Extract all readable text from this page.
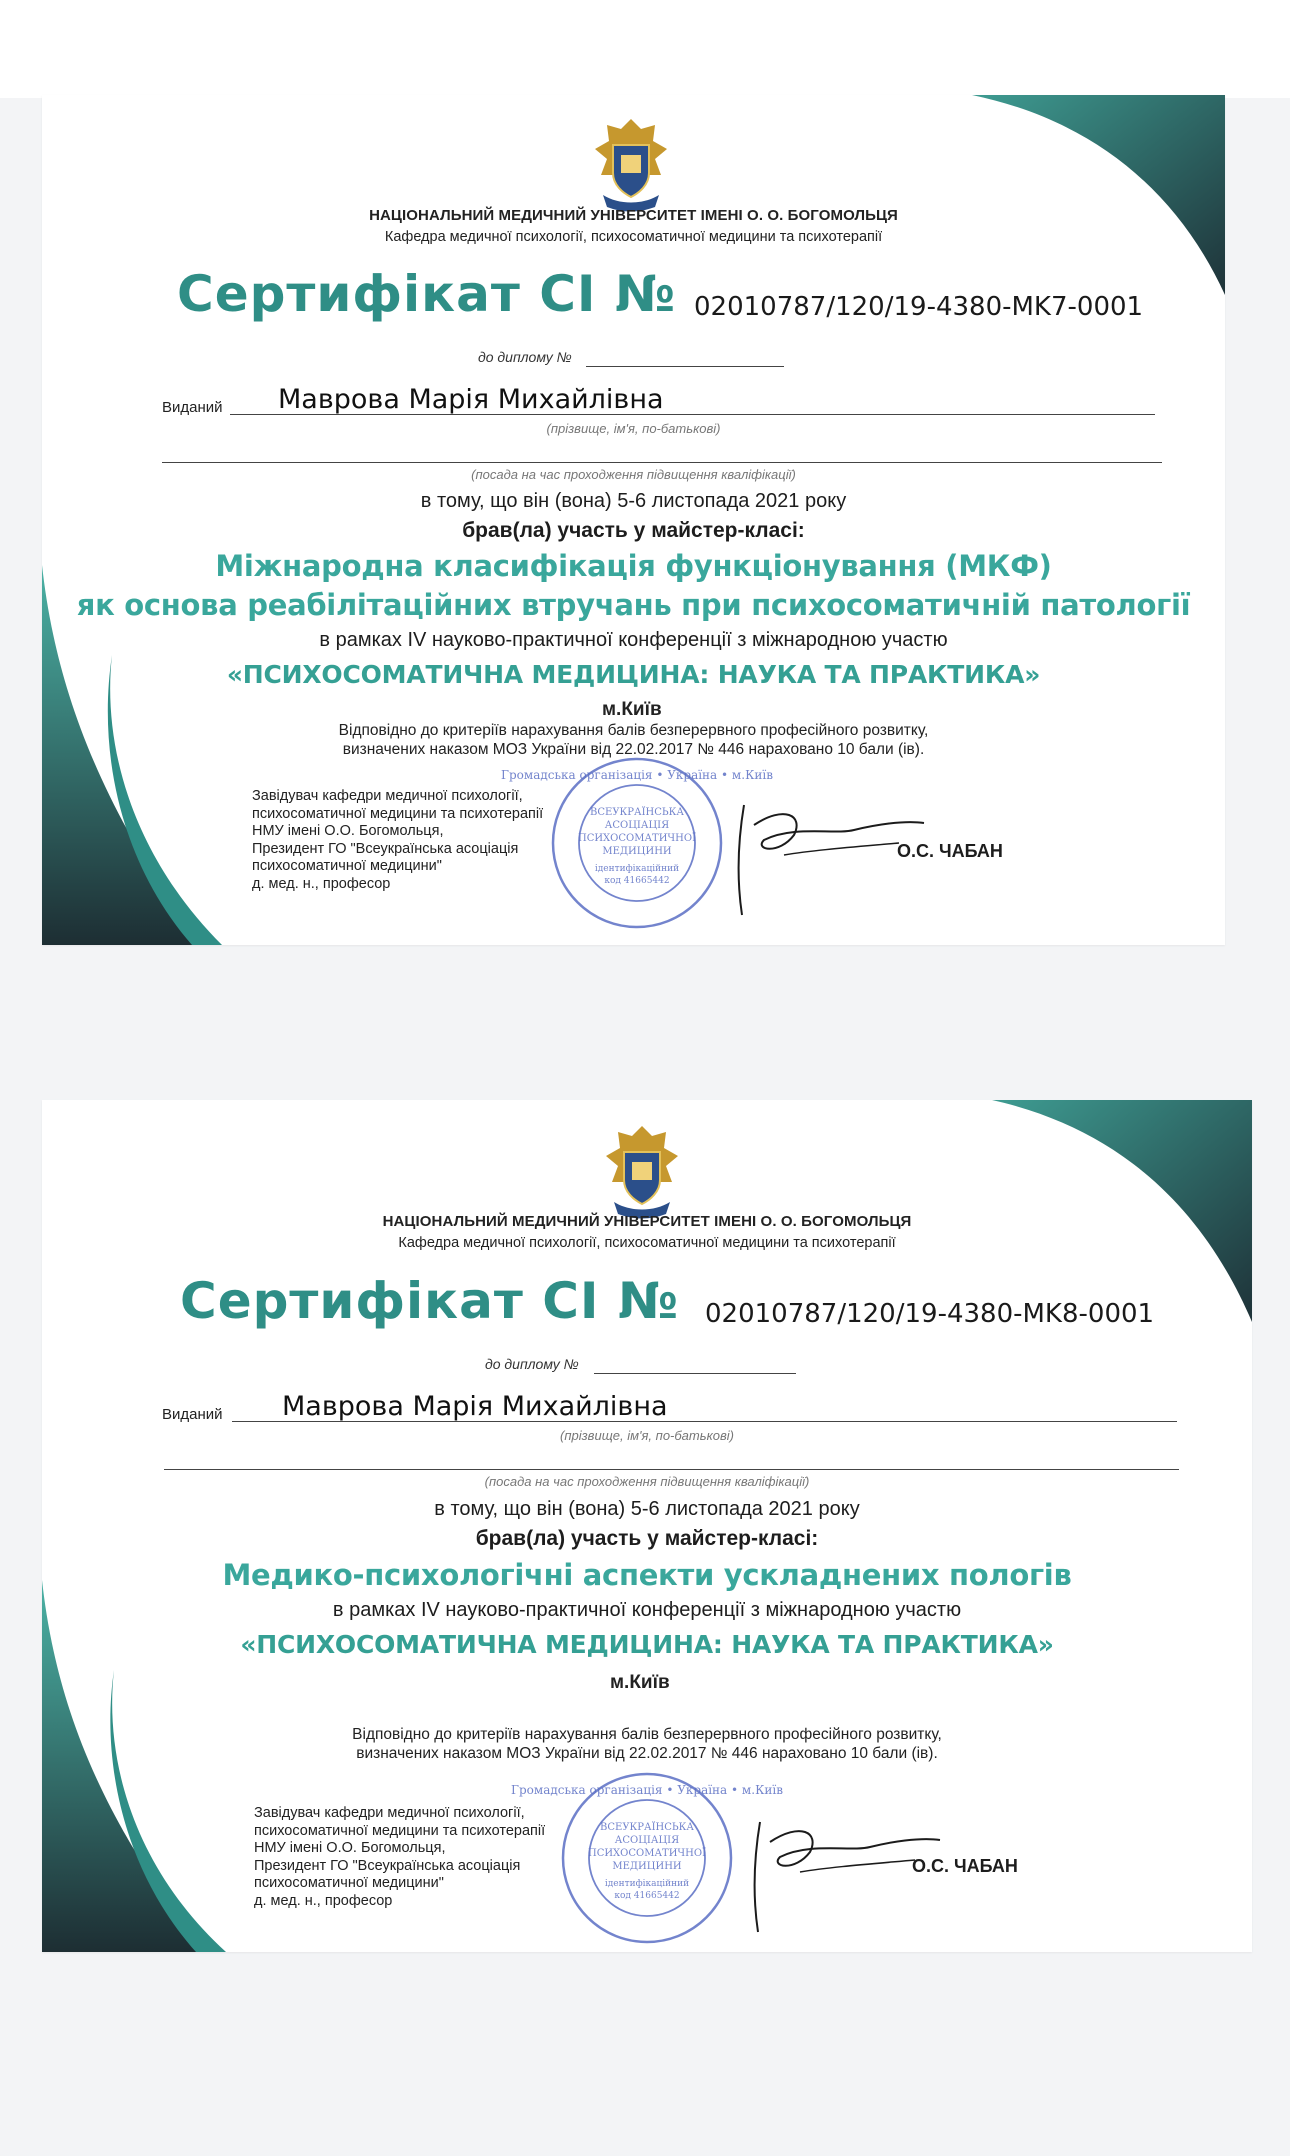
НАЦІОНАЛЬНИЙ МЕДИЧНИЙ УНІВЕРСИТЕТ ІМЕНІ О. О. БОГОМОЛЬЦЯ
Кафедра медичної психології, психосоматичної медицини та психотерапії
Сертифікат CI № 02010787/120/19-4380-MK7-0001
до диплому №
Виданий Маврова Марія Михайлівна
(прізвище, ім'я, по-батькові)
(посада на час проходження підвищення кваліфікації)
в тому, що він (вона) 5-6 листопада 2021 року
брав(ла) участь у майстер-класі:
Міжнародна класифікація функціонування (МКФ)
як основа реабілітаційних втручань при психосоматичній патології
в рамках IV науково-практичної конференції з міжнародною участю
«ПСИХОСОМАТИЧНА МЕДИЦИНА: НАУКА ТА ПРАКТИКА»
м.Київ
Відповідно до критеріїв нарахування балів безперервного професійного розвитку,
визначених наказом МОЗ України від 22.02.2017 № 446 нараховано 10 бали (ів).
Завідувач кафедри медичної психології,
психосоматичної медицини та психотерапії
НМУ імені О.О. Богомольця,
Президент ГО "Всеукраїнська асоціація
психосоматичної медицини"
д. мед. н., професор
Громадська організація • Україна • м.Київ
ВСЕУКРАЇНСЬКА
АСОЦІАЦІЯ
ПСИХОСОМАТИЧНОЇ
МЕДИЦИНИ
ідентифікаційний
код 41665442
О.С. ЧАБАН
НАЦІОНАЛЬНИЙ МЕДИЧНИЙ УНІВЕРСИТЕТ ІМЕНІ О. О. БОГОМОЛЬЦЯ
Кафедра медичної психології, психосоматичної медицини та психотерапії
Сертифікат CI № 02010787/120/19-4380-MK8-0001
до диплому №
Виданий Маврова Марія Михайлівна
(прізвище, ім'я, по-батькові)
(посада на час проходження підвищення кваліфікації)
в тому, що він (вона) 5-6 листопада 2021 року
брав(ла) участь у майстер-класі:
Медико-психологічні аспекти ускладнених пологів
в рамках IV науково-практичної конференції з міжнародною участю
«ПСИХОСОМАТИЧНА МЕДИЦИНА: НАУКА ТА ПРАКТИКА»
м.Київ
Відповідно до критеріїв нарахування балів безперервного професійного розвитку,
визначених наказом МОЗ України від 22.02.2017 № 446 нараховано 10 бали (ів).
Завідувач кафедри медичної психології,
психосоматичної медицини та психотерапії
НМУ імені О.О. Богомольця,
Президент ГО "Всеукраїнська асоціація
психосоматичної медицини"
д. мед. н., професор
Громадська організація • Україна • м.Київ
ВСЕУКРАЇНСЬКА
АСОЦІАЦІЯ
ПСИХОСОМАТИЧНОЇ
МЕДИЦИНИ
ідентифікаційний
код 41665442
О.С. ЧАБАН
